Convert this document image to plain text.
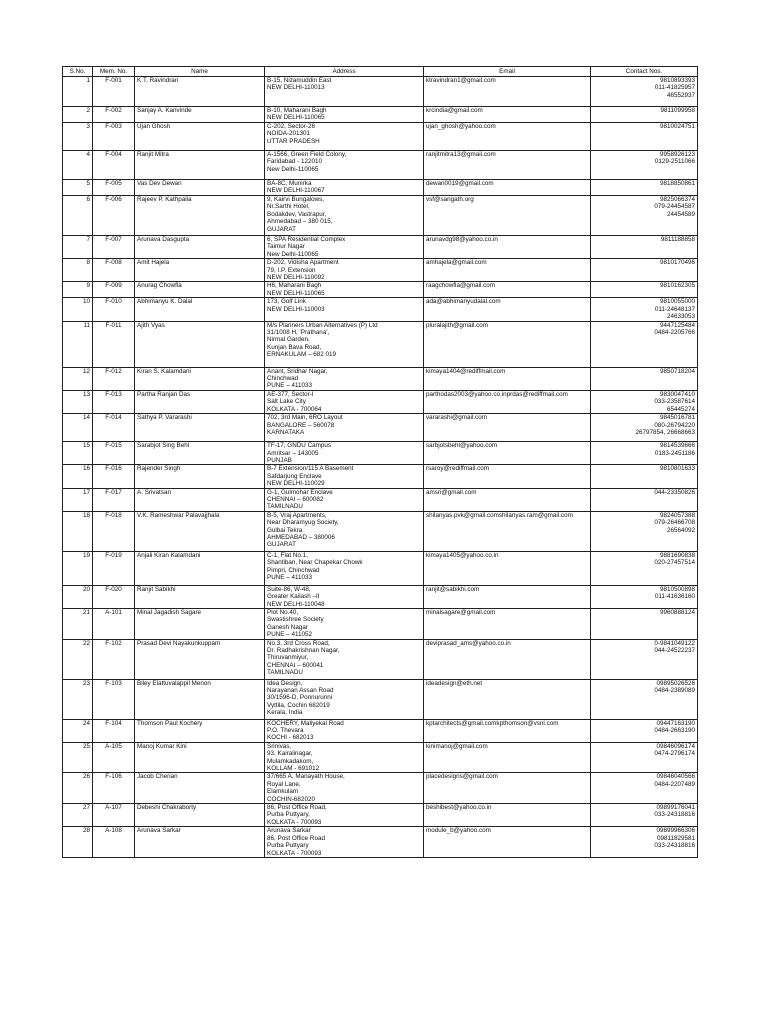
S.No.	Mem. No.	Name	Address	Email	Contact Nos.
1	F-001	K.T. Ravindran	B-15, Nizamuddin East
NEW DELHI-110013	ktravindran1@gmail.com	9810893393
011-41825957
46552937

2	F-002	Sanjay A. Kanvinde	B-10, Maharani Bagh
NEW DELHI-110065	krcindia@gmail.com	9811099958

3	F-003	Ujan Ghosh	C-202, Sector-26
NOIDA-201301
UTTAR PRADESH	ujan_ghosh@yahoo.com	9810024751

4	F-004	Ranjit Mitra	A-1566, Green Field Colony,
Faridabad - 122010
New Delhi-110065	ranjitmitra13@gmail.com	9958926123
0129-2511066

5	F-005	Vas Dev Dewan	BA-8C, Munirka
NEW DELHI-110067	dewan0019@gmail.com	9818850861

6	F-006	Rajeev P. Kathpalia	9, Kairvi Bungalows,
Nr.Sarthi Hotel,
Bodakdev, Vastrapur,
Ahmedabad – 380 015,
GUJARAT	vsf@sangath.org	9825066374
079-24454587
24454589

7	F-007	Arunava Dasgupta	6, SPA Residential Complex
Taimur Nagar
New Delhi-110065	arunavdg98@yahoo.co.in	9811188858

8	F-008	Amit Hajela	D-202, Vidisha Apartment
79, I.P. Extension
NEW DELHI-110092	amhajela@gmail.com	9810170496

9	F-009	Anurag Chowfla	H6, Maharani Bagh
NEW DELHI-110065	raagchowfla@gmail.com	9810162305

10	F-010	Abhimanyu K. Dalal	173, Golf Link
NEW DELHI-110003	ada@abhimanyudalal.com	9810055000
011-24648137
24633053

11	F-011	Ajith Vyas	M/s Planners Urban Alternatives (P) Ltd
31/1008 H, 'Prathana',
Nirmal Garden,
Kunjan Bava Road,
ERNAKULAM – 682 019	pluralajith@gmail.com	9447125484
0484-2205766

12	F-012	Kiran S. Kalamdani	Anant, Sridhar Nagar,
Chinchwad
PUNE – 411033	kimaya1404@rediffmail.com	9850718204

13	F-013	Partha Ranjan Das	AE-377, Sector-I
Salt Lake City
KOLKATA - 700064	parthodas2003@yahoo.co.inprdas@rediffmail.com	9830047410
033-23587614
65445274

14	F-014	Sathya P. Vararashi	702, 3rd Main, 6RO Layout
BANGALORE – 560078
KARNATAKA	vararashi@gmail.com	9845016781
080-26794220
26797854, 26668663

15	F-015	Sarabjot Sing Behl	TF-17, GNDU Campus
Amritsar – 143005
PUNJAB	sarbjotsbehl@yahoo.com	9814539666
0183-2451186

16	F-016	Rajender Singh	B-7 Extension/115 A Basement
Safdarjung Enclave
NEW DELHI-110029	rsaroy@rediffmail.com	9810801633

17	F-017	A. Srivatsan	G-1, Gulmohar Enclave
CHENNAI – 600082
TAMILNADU	amsri@gmail.com	044-23350826

18	F-018	V.K. Rameshwar Palavajjhala	B-5, Vraj Apartments,
Near Dharamyug Society,
Gulbai Tekra
AHMEDABAD – 380006
GUJARAT	shilanyas.pvk@gmail.comshilanyas.ram@gmail.com	9824057388
079-26466708
26564092

19	F-019	Anjali Kiran Kalamdani	C-1, Flat No.1,
Shantiban, Near Chapekar Chowk
Pimpri, Chinchwad
PUNE – 411033	kimaya1405@yahoo.co.in	9881690838
020-27457514

20	F-020	Ranjit Sabikhi	Suite-86, W-48,
Greater Kailash –II
NEW DELHI-110048	ranjit@sabikhi.com	9810500898
011-41636160

21	A-101	Minal Jagadish Sagare	Plot No.40,
Swastishree Society
Ganesh Nagar
PUNE – 411052	minalsagare@gmail.com	9960888124

22	F-102	Prasad Devi Nayakunkuppam	No.3, 3rd Cross Road,
Dr. Radhakrishnan Nagar,
Thiruvanmiyur,
CHENNAI – 600041
TAMILNADU	deviprasad_ams@yahoo.co.in	0-9841049122
044-24522237

23	F-103	Biley Elattuvalappil Menon	Idea Design,
Narayanan Assan Road
30/1596-D, Ponnurunni
Vyttila, Cochin 682019
Kerala, India	ideadesign@eth.net	09895026526
0484-2389089

24	F-104	Thomson Paul Kochery	KOCHERY, Maliyekal Road
P.O. Thevara
KOCHI - 682013	kptarchitects@gmail.comkpthomson@vsnl.com	09447163190
0484-2663190

25	A-105	Manoj Kumar Kini	Srinivas,
93, Kairalinagar,
Mulamkadakom,
KOLLAM - 691012	kinimanoj@gmail.com	09846096174
0474-2796174

26	F-106	Jacob Cherian	37/665 A, Manayath House,
Royal Lane,
Elamkulam
COCHIN-682020	placedesigns@gmail.com	09846040566
0484-2207489

27	A-107	Debeshi Chakraborty	86, Post Office Road,
Purba Puttyary,
KOLKATA - 700093	beshibest@yahoo.co.in	09899176041
033-24318816

28	A-108	Arunava Sarkar	Arunava Sarkar
86, Post Office Road
Purba Puttyary
KOLKATA - 700093	module_b@yahoo.com	09899966306
09811829581
033-24318816
